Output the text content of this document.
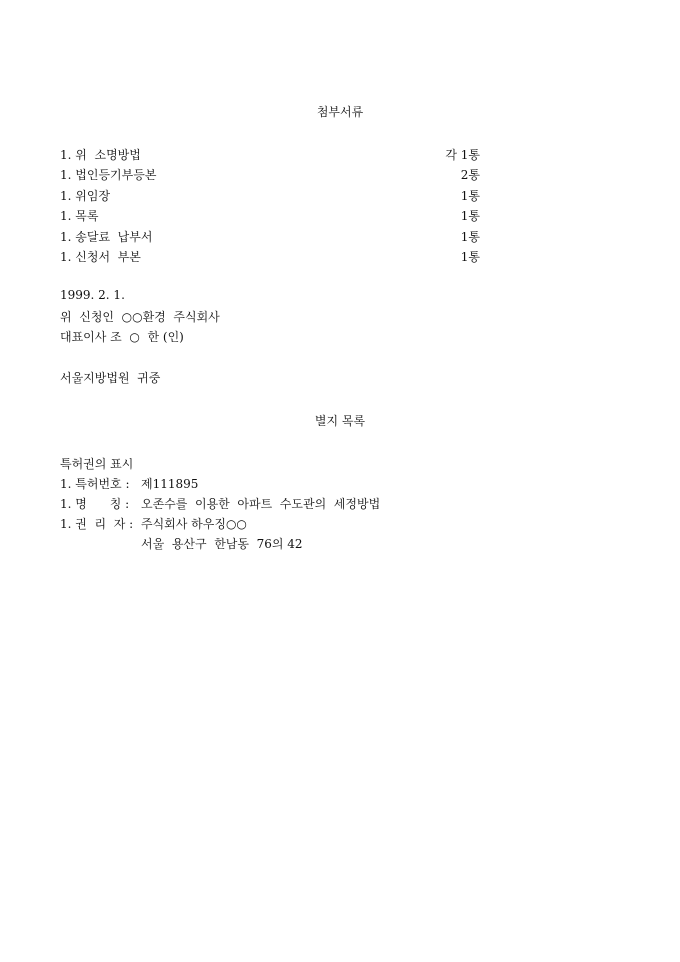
첨부서류
1. 위  소명방법	각 1통
1. 법인등기부등본	2통
1. 위임장	1통
1. 목록	1통
1. 송달료  납부서	1통
1. 신청서  부본	1통
1999. 2. 1.
위  신청인  ○○환경  주식회사
대표이사 조  ○  한 (인)
서울지방법원  귀중
별지 목록
특허권의 표시
1. 특허번호 : 제111895
1. 명      칭 : 오존수를  이용한  아파트  수도관의  세정방법
1. 권  리  자 : 주식회사 하우징○○
서울  용산구  한남동  76의 42
